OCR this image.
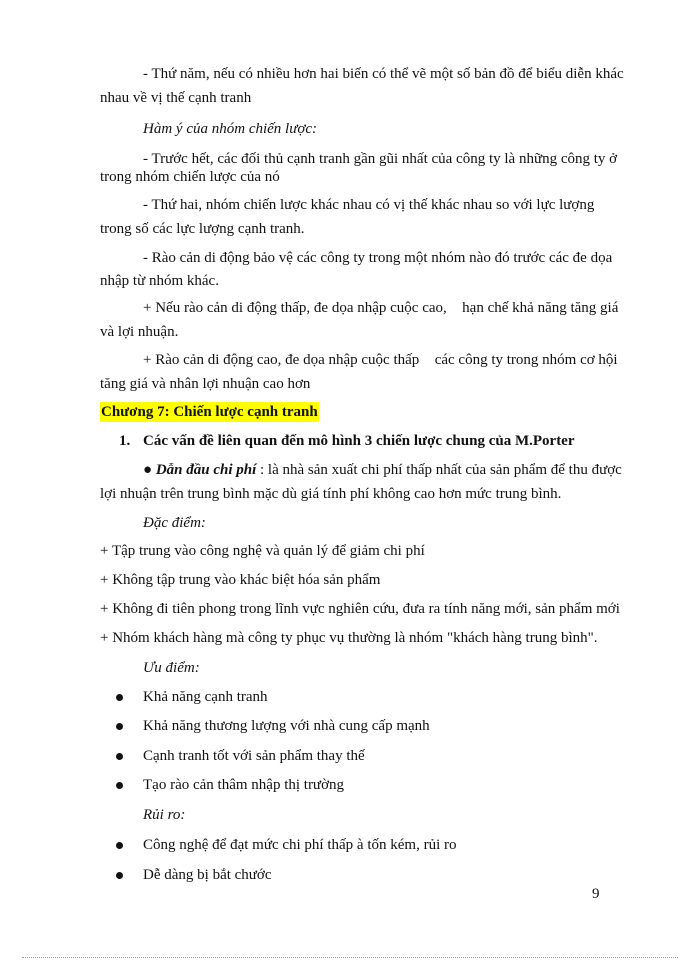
- Thứ năm, nếu có nhiều hơn hai biến có thể vẽ một số bản đồ để biểu diễn khác
nhau về vị thế cạnh tranh
Hàm ý của nhóm chiến lược:
- Trước hết, các đối thủ cạnh tranh gần gũi nhất của công ty là những công ty ở
trong nhóm chiến lược của nó
- Thứ hai, nhóm chiến lược khác nhau có vị thế khác nhau so với lực lượng
trong số các lực lượng cạnh tranh.
- Rào cản di động bảo vệ các công ty trong một nhóm nào đó trước các đe dọa
nhập từ nhóm khác.
+ Nếu rào cản di động thấp, đe dọa nhập cuộc cao,  hạn chế khả năng tăng giá
và lợi nhuận.
+ Rào cản di động cao, đe dọa nhập cuộc thấp  các công ty trong nhóm cơ hội
tăng giá và nhân lợi nhuận cao hơn
Chương 7: Chiến lược cạnh tranh
1. Các vấn đề liên quan đến mô hình 3 chiến lược chung của M.Porter
● Dẫn đầu chi phí : là nhà sản xuất chi phí thấp nhất của sản phẩm để thu được
lợi nhuận trên trung bình mặc dù giá tính phí không cao hơn mức trung bình.
Đặc điểm:
+ Tập trung vào công nghệ và quản lý để giảm chi phí
+ Không tập trung vào khác biệt hóa sản phẩm
+ Không đi tiên phong trong lĩnh vực nghiên cứu, đưa ra tính năng mới, sản phẩm mới
+ Nhóm khách hàng mà công ty phục vụ thường là nhóm "khách hàng trung bình".
Ưu điểm:
Khả năng cạnh tranh
Khả năng thương lượng với nhà cung cấp mạnh
Cạnh tranh tốt với sản phẩm thay thế
Tạo rào cản thâm nhập thị trường
Rủi ro:
Công nghệ để đạt mức chi phí thấp à tốn kém, rủi ro
Dễ dàng bị bắt chước
9
